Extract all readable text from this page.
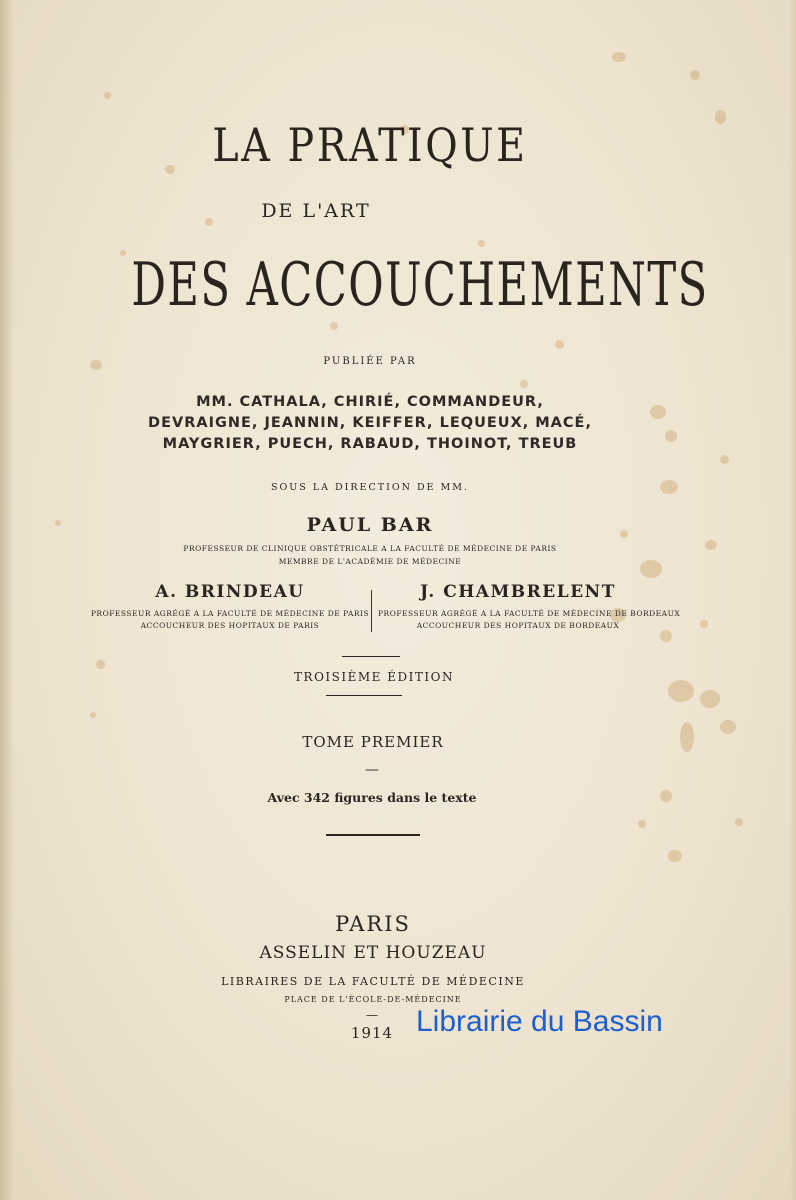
LA PRATIQUE
DE L'ART
DES ACCOUCHEMENTS
PUBLIÉE PAR
MM. CATHALA, CHIRIÉ, COMMANDEUR,
DEVRAIGNE, JEANNIN, KEIFFER, LEQUEUX, MACÉ,
MAYGRIER, PUECH, RABAUD, THOINOT, TREUB
SOUS LA DIRECTION DE MM.
PAUL BAR
PROFESSEUR DE CLINIQUE OBSTÉTRICALE A LA FACULTÉ DE MÉDECINE DE PARIS
MEMBRE DE L'ACADÉMIE DE MÉDECINE
A. BRINDEAU
PROFESSEUR AGRÉGÉ A LA FACULTÉ DE MÉDECINE DE PARIS
ACCOUCHEUR DES HOPITAUX DE PARIS
J. CHAMBRELENT
PROFESSEUR AGRÉGÉ A LA FACULTÉ DE MÉDECINE DE BORDEAUX
ACCOUCHEUR DES HOPITAUX DE BORDEAUX
TROISIÈME ÉDITION
TOME PREMIER
—
Avec 342 figures dans le texte
PARIS
ASSELIN ET HOUZEAU
LIBRAIRES DE LA FACULTÉ DE MÉDECINE
PLACE DE L'ÉCOLE-DE-MÉDECINE
—
1914 Librairie du Bassin
